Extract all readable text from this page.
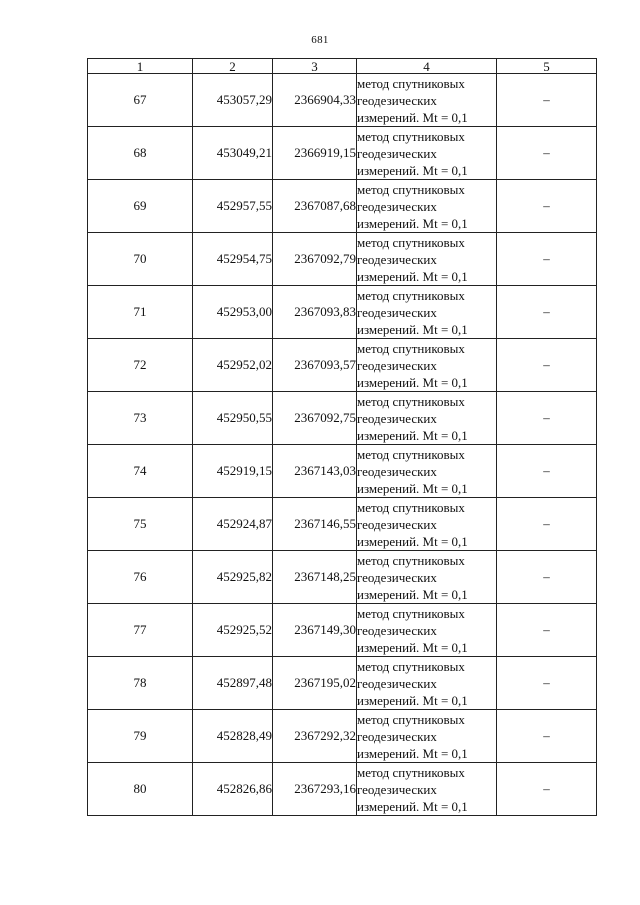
681
1	2	3	4	5
67	453057,29	2366904,33	метод спутниковых
геодезических
измерений. Mt = 0,1	–
68	453049,21	2366919,15	метод спутниковых
геодезических
измерений. Mt = 0,1	–
69	452957,55	2367087,68	метод спутниковых
геодезических
измерений. Mt = 0,1	–
70	452954,75	2367092,79	метод спутниковых
геодезических
измерений. Mt = 0,1	–
71	452953,00	2367093,83	метод спутниковых
геодезических
измерений. Mt = 0,1	–
72	452952,02	2367093,57	метод спутниковых
геодезических
измерений. Mt = 0,1	–
73	452950,55	2367092,75	метод спутниковых
геодезических
измерений. Mt = 0,1	–
74	452919,15	2367143,03	метод спутниковых
геодезических
измерений. Mt = 0,1	–
75	452924,87	2367146,55	метод спутниковых
геодезических
измерений. Mt = 0,1	–
76	452925,82	2367148,25	метод спутниковых
геодезических
измерений. Mt = 0,1	–
77	452925,52	2367149,30	метод спутниковых
геодезических
измерений. Mt = 0,1	–
78	452897,48	2367195,02	метод спутниковых
геодезических
измерений. Mt = 0,1	–
79	452828,49	2367292,32	метод спутниковых
геодезических
измерений. Mt = 0,1	–
80	452826,86	2367293,16	метод спутниковых
геодезических
измерений. Mt = 0,1	–
